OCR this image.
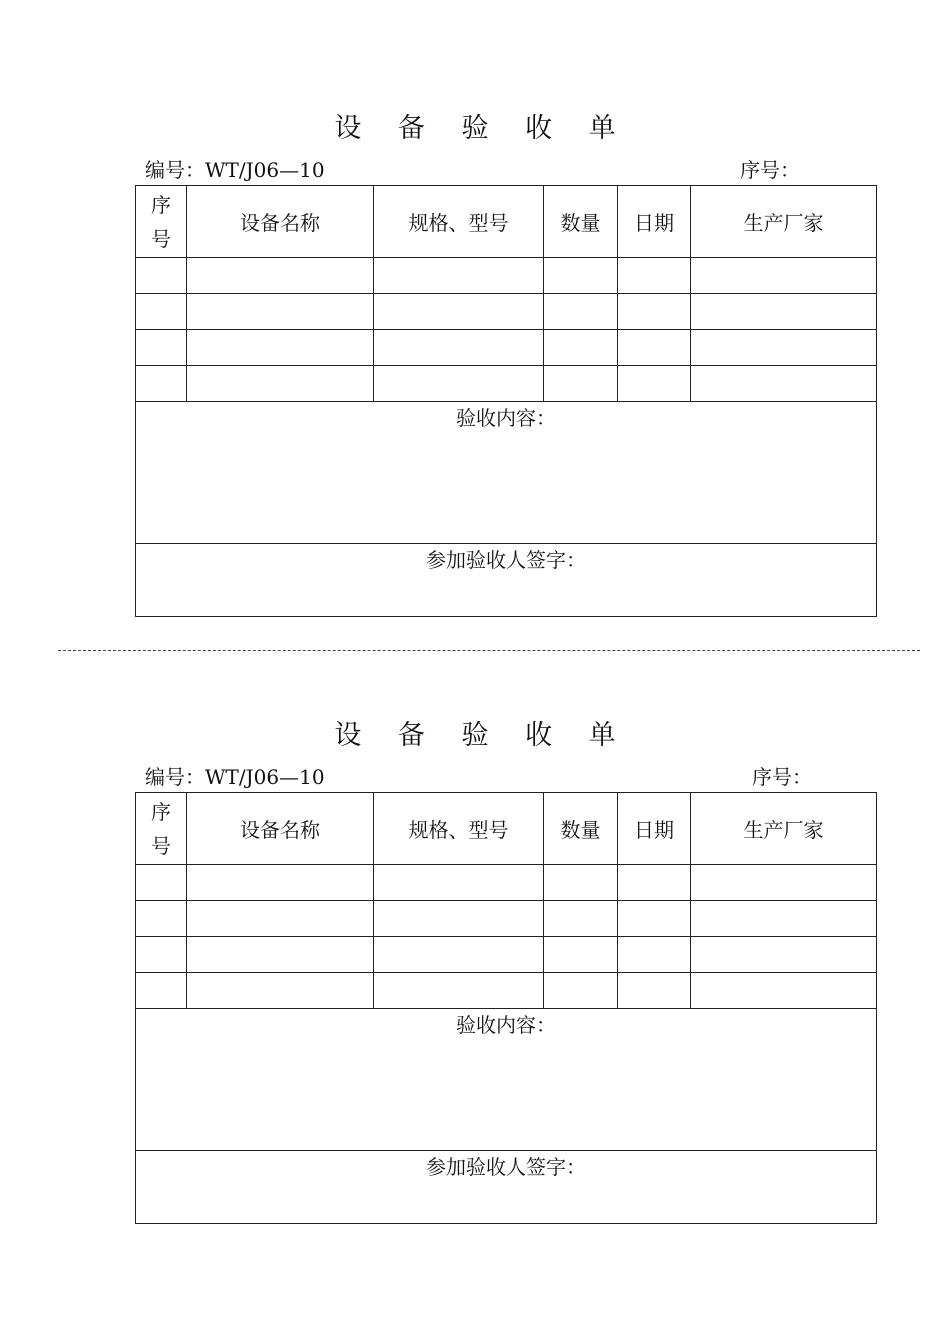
设 备 验 收 单
编号：WT/J06—10	序号：
序
号	设备名称	规格、型号	数量	日期	生产厂家

验收内容：					
参加验收人签字：					
设 备 验 收 单
编号：WT/J06—10	序号：
序
号	设备名称	规格、型号	数量	日期	生产厂家

验收内容：					
参加验收人签字：					
